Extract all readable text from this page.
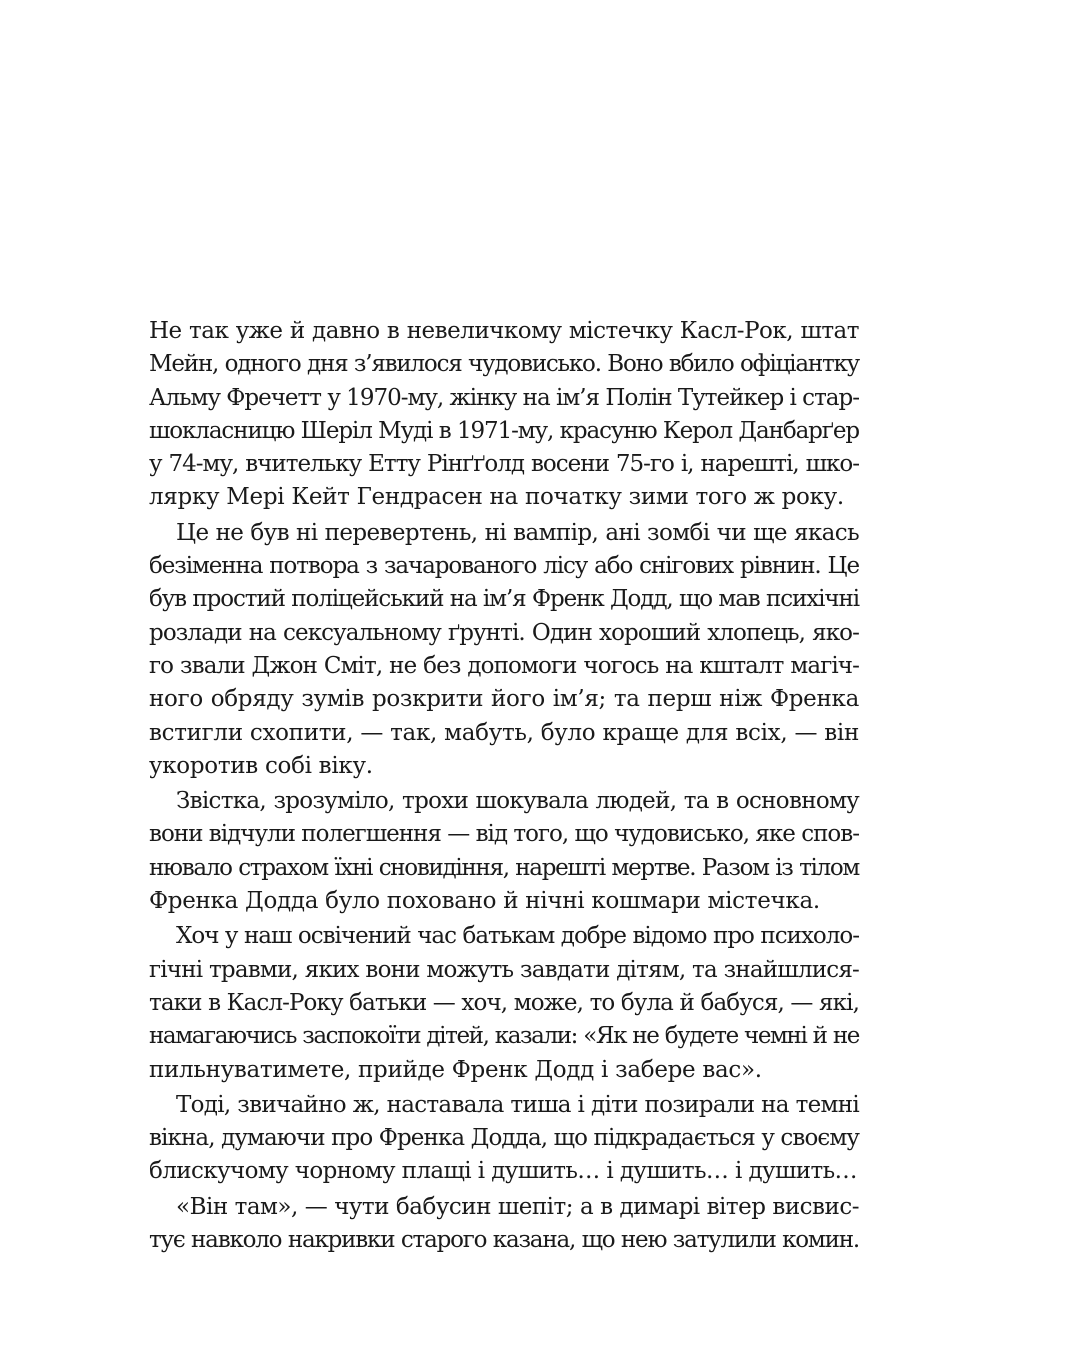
Не так уже й давно в невеличкому містечку Касл-Рок, штат
Мейн, одного дня з’явилося чудовисько. Воно вбило офіціантку
Альму Фречетт у 1970-му, жінку на ім’я Полін Тутейкер і стар-
шокласницю Шеріл Муді в 1971-му, красуню Керол Данбарґер
у 74-му, вчительку Етту Рінґґолд восени 75-го і, нарешті, шко-
лярку Мері Кейт Гендрасен на початку зими того ж року.
Це не був ні перевертень, ні вампір, ані зомбі чи ще якась
безіменна потвора з зачарованого лісу або снігових рівнин. Це
був простий поліцейський на ім’я Френк Додд, що мав психічні
розлади на сексуальному ґрунті. Один хороший хлопець, яко-
го звали Джон Сміт, не без допомоги чогось на кшталт магіч-
ного обряду зумів розкрити його ім’я; та перш ніж Френка
встигли схопити, — так, мабуть, було краще для всіх, — він
укоротив собі віку.
Звістка, зрозуміло, трохи шокувала людей, та в основному
вони відчули полегшення — від того, що чудовисько, яке спов-
нювало страхом їхні сновидіння, нарешті мертве. Разом із тілом
Френка Додда було поховано й нічні кошмари містечка.
Хоч у наш освічений час батькам добре відомо про психоло-
гічні травми, яких вони можуть завдати дітям, та знайшлися-
таки в Касл-Року батьки — хоч, може, то була й бабуся, — які,
намагаючись заспокоїти дітей, казали: «Як не будете чемні й не
пильнуватимете, прийде Френк Додд і забере вас».
Тоді, звичайно ж, наставала тиша і діти позирали на темні
вікна, думаючи про Френка Додда, що підкрадається у своєму
блискучому чорному плащі і душить… і душить… і душить…
«Він там», — чути бабусин шепіт; а в димарі вітер висвис-
тує навколо накривки старого казана, що нею затулили комин.
